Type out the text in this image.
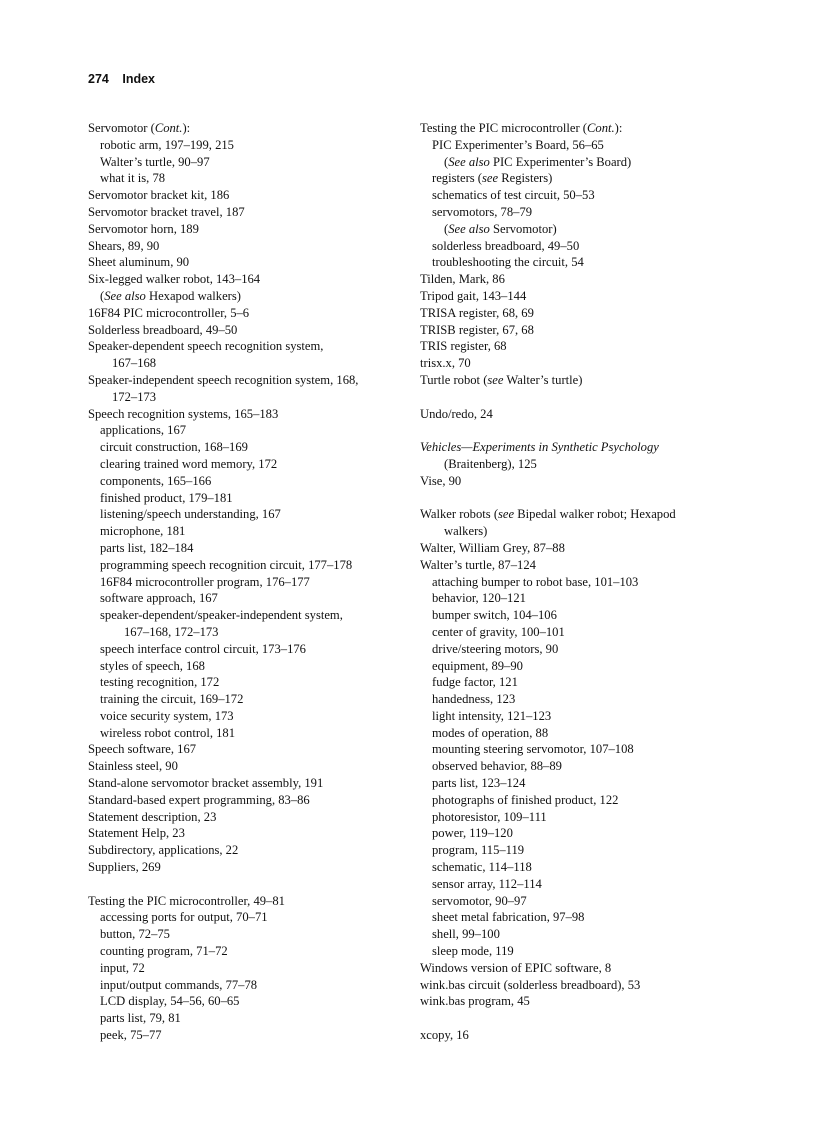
274 Index
Servomotor (Cont.):
robotic arm, 197–199, 215
Walter’s turtle, 90–97
what it is, 78
Servomotor bracket kit, 186
Servomotor bracket travel, 187
Servomotor horn, 189
Shears, 89, 90
Sheet aluminum, 90
Six-legged walker robot, 143–164
(See also Hexapod walkers)
16F84 PIC microcontroller, 5–6
Solderless breadboard, 49–50
Speaker-dependent speech recognition system,
167–168
Speaker-independent speech recognition system, 168,
172–173
Speech recognition systems, 165–183
applications, 167
circuit construction, 168–169
clearing trained word memory, 172
components, 165–166
finished product, 179–181
listening/speech understanding, 167
microphone, 181
parts list, 182–184
programming speech recognition circuit, 177–178
16F84 microcontroller program, 176–177
software approach, 167
speaker-dependent/speaker-independent system,
167–168, 172–173
speech interface control circuit, 173–176
styles of speech, 168
testing recognition, 172
training the circuit, 169–172
voice security system, 173
wireless robot control, 181
Speech software, 167
Stainless steel, 90
Stand-alone servomotor bracket assembly, 191
Standard-based expert programming, 83–86
Statement description, 23
Statement Help, 23
Subdirectory, applications, 22
Suppliers, 269
Testing the PIC microcontroller, 49–81
accessing ports for output, 70–71
button, 72–75
counting program, 71–72
input, 72
input/output commands, 77–78
LCD display, 54–56, 60–65
parts list, 79, 81
peek, 75–77
Testing the PIC microcontroller (Cont.):
PIC Experimenter’s Board, 56–65
(See also PIC Experimenter’s Board)
registers (see Registers)
schematics of test circuit, 50–53
servomotors, 78–79
(See also Servomotor)
solderless breadboard, 49–50
troubleshooting the circuit, 54
Tilden, Mark, 86
Tripod gait, 143–144
TRISA register, 68, 69
TRISB register, 67, 68
TRIS register, 68
trisx.x, 70
Turtle robot (see Walter’s turtle)
Undo/redo, 24
Vehicles—Experiments in Synthetic Psychology
(Braitenberg), 125
Vise, 90
Walker robots (see Bipedal walker robot; Hexapod
walkers)
Walter, William Grey, 87–88
Walter’s turtle, 87–124
attaching bumper to robot base, 101–103
behavior, 120–121
bumper switch, 104–106
center of gravity, 100–101
drive/steering motors, 90
equipment, 89–90
fudge factor, 121
handedness, 123
light intensity, 121–123
modes of operation, 88
mounting steering servomotor, 107–108
observed behavior, 88–89
parts list, 123–124
photographs of finished product, 122
photoresistor, 109–111
power, 119–120
program, 115–119
schematic, 114–118
sensor array, 112–114
servomotor, 90–97
sheet metal fabrication, 97–98
shell, 99–100
sleep mode, 119
Windows version of EPIC software, 8
wink.bas circuit (solderless breadboard), 53
wink.bas program, 45
xcopy, 16
